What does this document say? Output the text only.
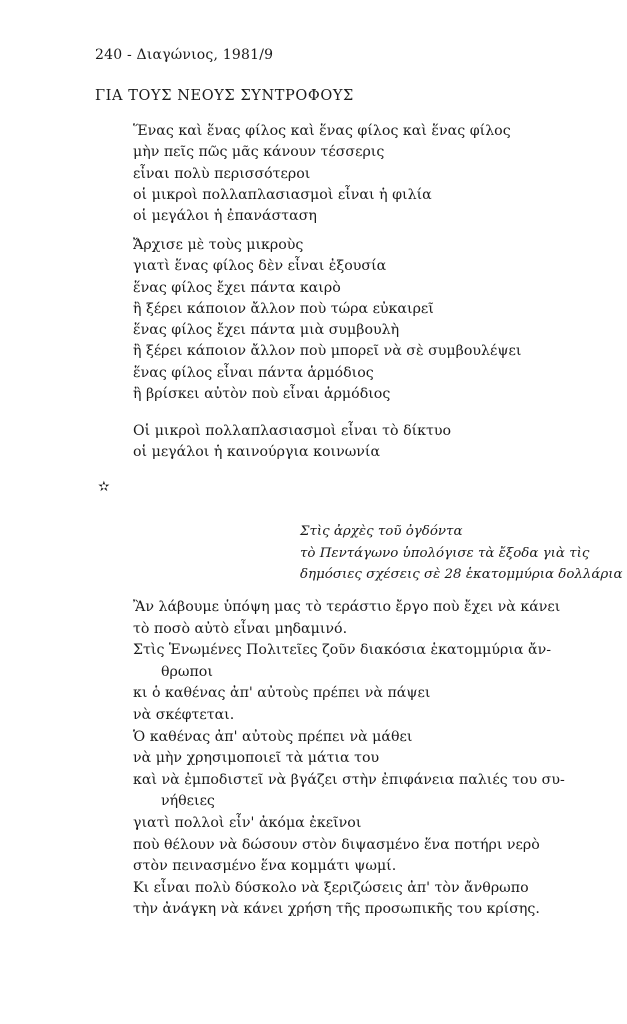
240 - Διαγώνιος, 1981/9
ΓΙΑ ΤΟΥΣ ΝΕΟΥΣ ΣΥΝΤΡΟΦΟΥΣ
Ἕνας καὶ ἕνας φίλος καὶ ἕνας φίλος καὶ ἕνας φίλος
μὴν πεῖς πῶς μᾶς κάνουν τέσσερις
εἶναι πολὺ περισσότεροι
οἱ μικροὶ πολλαπλασιασμοὶ εἶναι ἡ φιλία
οἱ μεγάλοι ἡ ἐπανάσταση
Ἄρχισε μὲ τοὺς μικροὺς
γιατὶ ἕνας φίλος δὲν εἶναι ἐξουσία
ἕνας φίλος ἔχει πάντα καιρὸ
ἢ ξέρει κάποιον ἄλλον ποὺ τώρα εὐκαιρεῖ
ἕνας φίλος ἔχει πάντα μιὰ συμβουλὴ
ἢ ξέρει κάποιον ἄλλον ποὺ μπορεῖ νὰ σὲ συμβουλέψει
ἕνας φίλος εἶναι πάντα ἁρμόδιος
ἢ βρίσκει αὐτὸν ποὺ εἶναι ἁρμόδιος
Οἱ μικροὶ πολλαπλασιασμοὶ εἶναι τὸ δίκτυο
οἱ μεγάλοι ἡ καινούργια κοινωνία
✫
Στὶς ἀρχὲς τοῦ ὀγδόντα
τὸ Πεντάγωνο ὑπολόγισε τὰ ἔξοδα γιὰ τὶς
δημόσιες σχέσεις σὲ 28 ἑκατομμύρια δολλάρια
Ἂν λάβουμε ὑπόψη μας τὸ τεράστιο ἔργο ποὺ ἔχει νὰ κάνει
τὸ ποσὸ αὐτὸ εἶναι μηδαμινό.
Στὶς Ἑνωμένες Πολιτεῖες ζοῦν διακόσια ἑκατομμύρια ἄν-
θρωποι
κι ὁ καθένας ἀπ' αὐτοὺς πρέπει νὰ πάψει
νὰ σκέφτεται.
Ὁ καθένας ἀπ' αὐτοὺς πρέπει νὰ μάθει
νὰ μὴν χρησιμοποιεῖ τὰ μάτια του
καὶ νὰ ἐμποδιστεῖ νὰ βγάζει στὴν ἐπιφάνεια παλιές του συ-
νήθειες
γιατὶ πολλοὶ εἶν' ἀκόμα ἐκεῖνοι
ποὺ θέλουν νὰ δώσουν στὸν διψασμένο ἕνα ποτήρι νερὸ
στὸν πεινασμένο ἕνα κομμάτι ψωμί.
Κι εἶναι πολὺ δύσκολο νὰ ξεριζώσεις ἀπ' τὸν ἄνθρωπο
τὴν ἀνάγκη νὰ κάνει χρήση τῆς προσωπικῆς του κρίσης.
